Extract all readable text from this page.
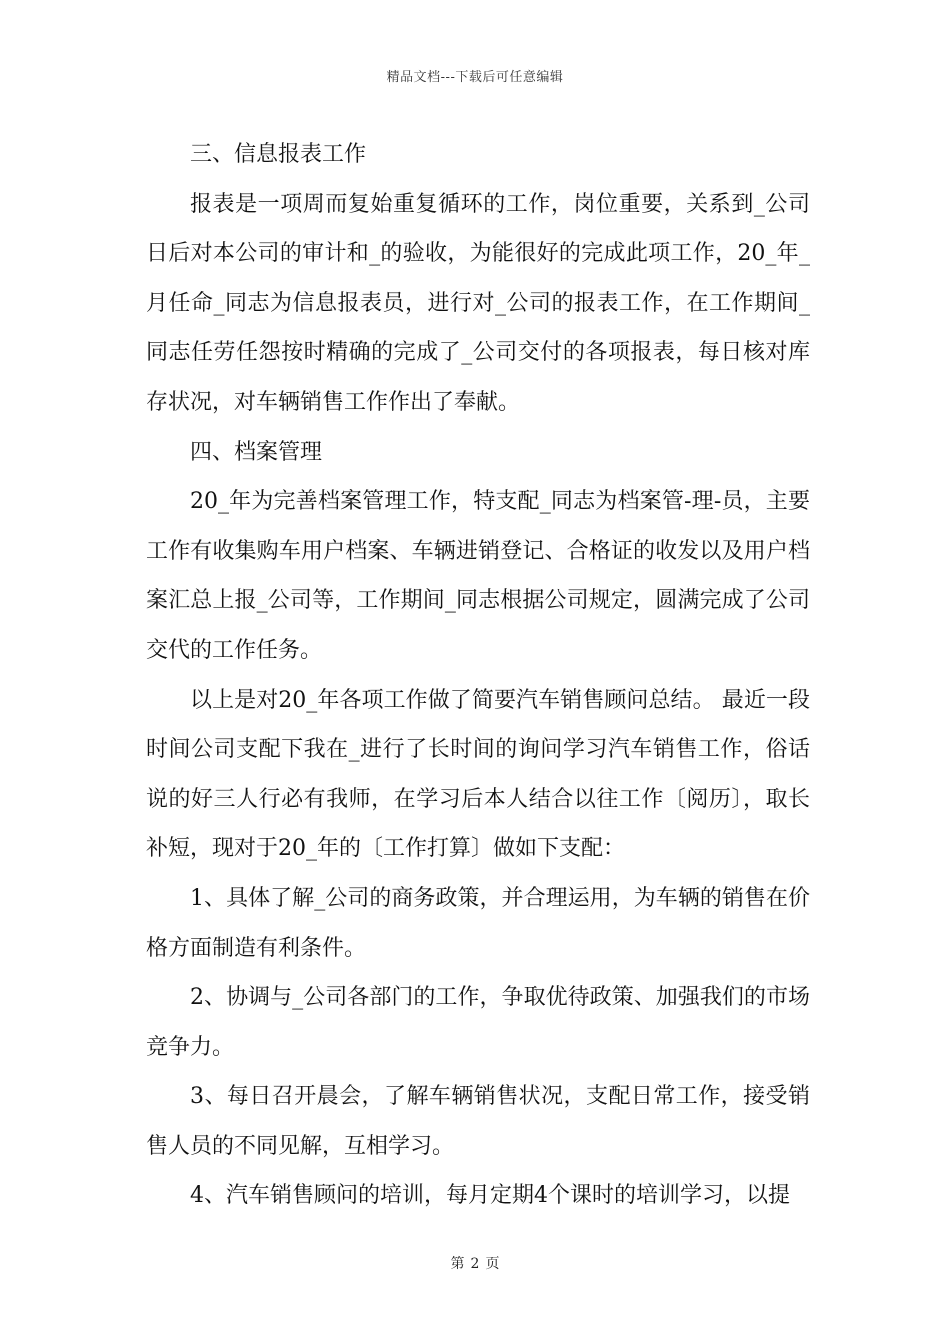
精品文档---下载后可任意编辑

三、信息报表工作

报表是一项周而复始重复循环的工作，岗位重要，关系到_公司日后对本公司的审计和_的验收，为能很好的完成此项工作，20_年_月任命_同志为信息报表员，进行对_公司的报表工作，在工作期间_同志任劳任怨按时精确的完成了_公司交付的各项报表，每日核对库存状况，对车辆销售工作作出了奉献。

四、档案管理

20_年为完善档案管理工作，特支配_同志为档案管-理-员，主要工作有收集购车用户档案、车辆进销登记、合格证的收发以及用户档案汇总上报_公司等，工作期间_同志根据公司规定，圆满完成了公司交代的工作任务。

以上是对20_年各项工作做了简要汽车销售顾问总结。 最近一段时间公司支配下我在_进行了长时间的询问学习汽车销售工作，俗话说的好三人行必有我师，在学习后本人结合以往工作〔阅历〕，取长补短，现对于20_年的〔工作打算〕做如下支配：

1、具体了解_公司的商务政策，并合理运用，为车辆的销售在价格方面制造有利条件。

2、协调与_公司各部门的工作，争取优待政策、加强我们的市场竞争力。

3、每日召开晨会，了解车辆销售状况，支配日常工作，接受销售人员的不同见解，互相学习。

4、汽车销售顾问的培训，每月定期4个课时的培训学习，以提

第 2 页
